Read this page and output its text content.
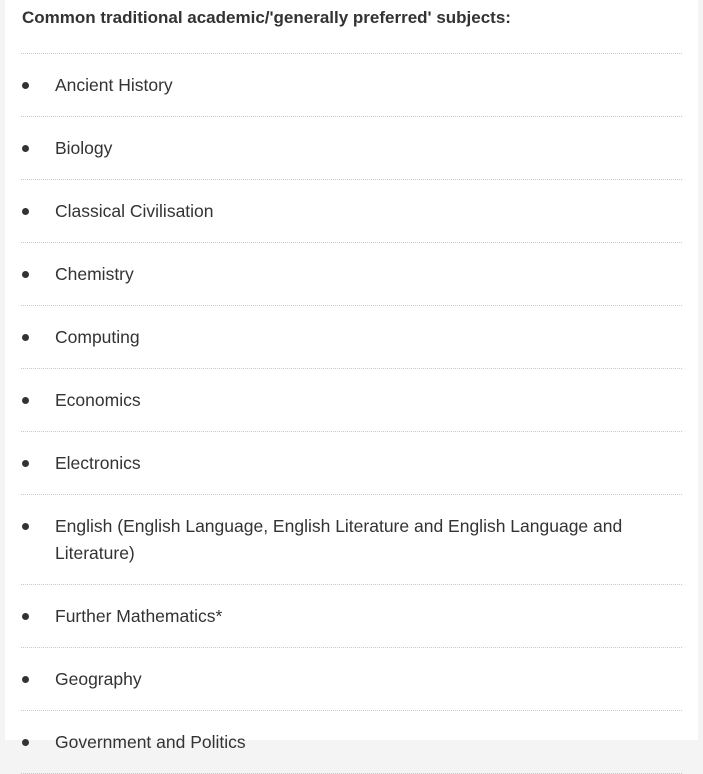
Common traditional academic/'generally preferred' subjects:

Ancient History
Biology
Classical Civilisation
Chemistry
Computing
Economics
Electronics
English (English Language, English Literature and English Language and Literature)
Further Mathematics*
Geography
Government and Politics
